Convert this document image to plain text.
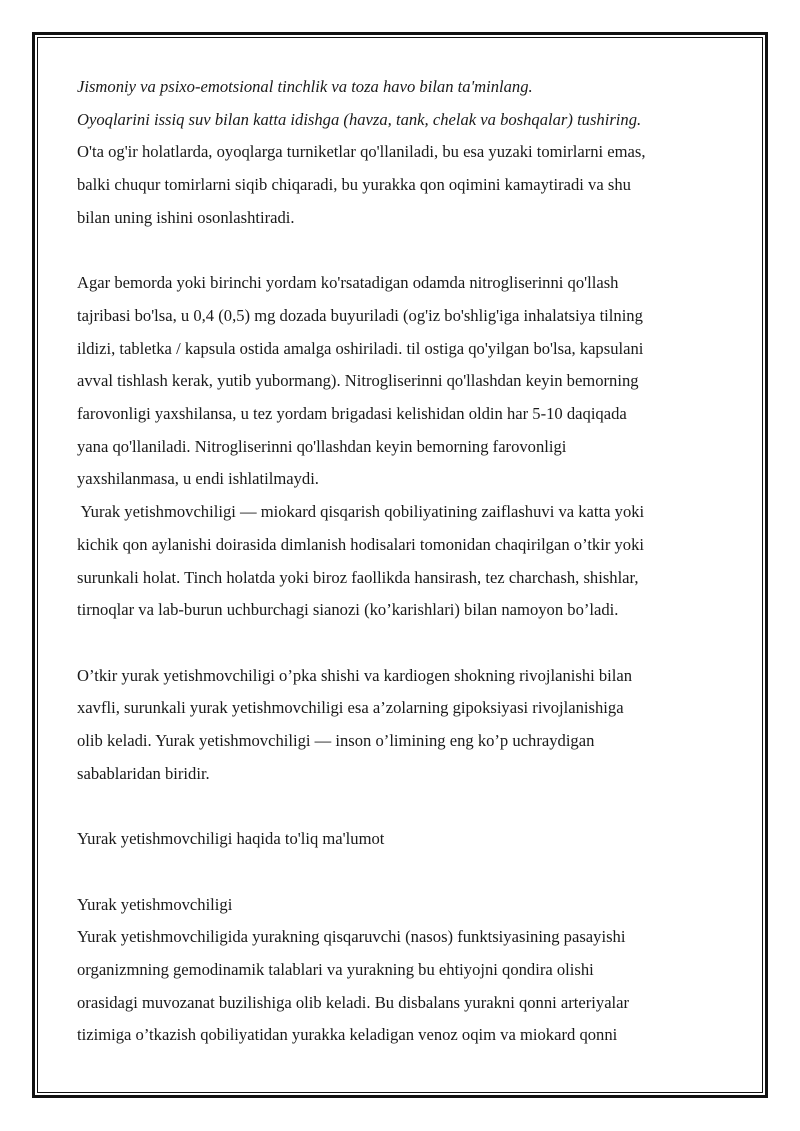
Jismoniy va psixo-emotsional tinchlik va toza havo bilan ta'minlang.

Oyoqlarini issiq suv bilan katta idishga (havza, tank, chelak va boshqalar) tushiring.

O'ta og'ir holatlarda, oyoqlarga turniketlar qo'llaniladi, bu esa yuzaki tomirlarni emas,

balki chuqur tomirlarni siqib chiqaradi, bu yurakka qon oqimini kamaytiradi va shu

bilan uning ishini osonlashtiradi.

Agar bemorda yoki birinchi yordam ko'rsatadigan odamda nitrogliserinni qo'llash

tajribasi bo'lsa, u 0,4 (0,5) mg dozada buyuriladi (og'iz bo'shlig'iga inhalatsiya tilning

ildizi, tabletka / kapsula ostida amalga oshiriladi. til ostiga qo'yilgan bo'lsa, kapsulani

avval tishlash kerak, yutib yubormang). Nitrogliserinni qo'llashdan keyin bemorning

farovonligi yaxshilansa, u tez yordam brigadasi kelishidan oldin har 5-10 daqiqada

yana qo'llaniladi. Nitrogliserinni qo'llashdan keyin bemorning farovonligi

yaxshilanmasa, u endi ishlatilmaydi.

Yurak yetishmovchiligi — miokard qisqarish qobiliyatining zaiflashuvi va katta yoki

kichik qon aylanishi doirasida dimlanish hodisalari tomonidan chaqirilgan o’tkir yoki

surunkali holat. Tinch holatda yoki biroz faollikda hansirash, tez charchash, shishlar,

tirnoqlar va lab-burun uchburchagi sianozi (ko’karishlari) bilan namoyon bo’ladi.

O’tkir yurak yetishmovchiligi o’pka shishi va kardiogen shokning rivojlanishi bilan

xavfli, surunkali yurak yetishmovchiligi esa a’zolarning gipoksiyasi rivojlanishiga

olib keladi. Yurak yetishmovchiligi — inson o’limining eng ko’p uchraydigan

sabablaridan biridir.

Yurak yetishmovchiligi haqida to'liq ma'lumot

Yurak yetishmovchiligi

Yurak yetishmovchiligida yurakning qisqaruvchi (nasos) funktsiyasining pasayishi

organizmning gemodinamik talablari va yurakning bu ehtiyojni qondira olishi

orasidagi muvozanat buzilishiga olib keladi. Bu disbalans yurakni qonni arteriyalar

tizimiga o’tkazish qobiliyatidan yurakka keladigan venoz oqim va miokard qonni
